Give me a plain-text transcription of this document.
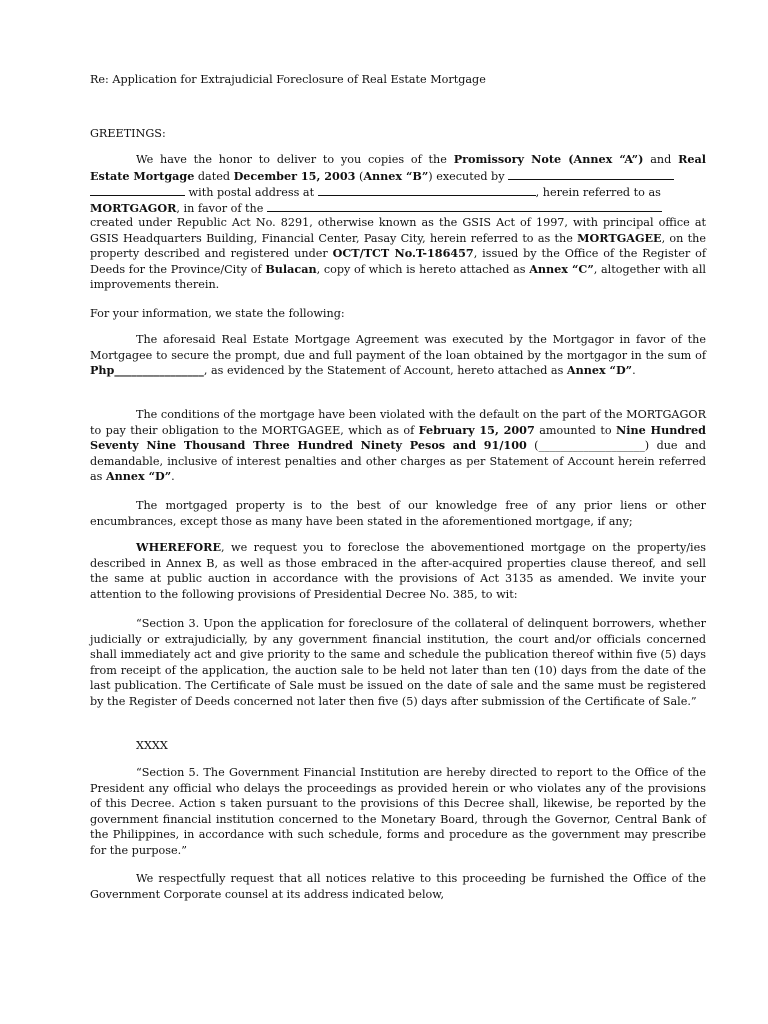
Re: Application for Extrajudicial Foreclosure of Real Estate Mortgage

GREETINGS:

We have the honor to deliver to you copies of the Promissory Note (Annex “A”) and Real
Estate Mortgage dated December 15, 2003 (Annex “B”) executed by
with postal address at	, herein referred to as
MORTGAGOR, in favor of the

created under Republic Act No. 8291, otherwise known as the GSIS Act of 1997, with principal office at GSIS Headquarters Building, Financial Center, Pasay City, herein referred to as the MORTGAGEE, on the property described and registered under OCT/TCT No.T-186457, issued by the Office of the Register of Deeds for the Province/City of Bulacan, copy of which is hereto attached as Annex “C”, altogether with all improvements therein.

For your information, we state the following:

The aforesaid Real Estate Mortgage Agreement was executed by the Mortgagor in favor of the Mortgagee to secure the prompt, due and full payment of the loan obtained by the mortgagor in the sum of Php________________, as evidenced by the Statement of Account, hereto attached as Annex “D”.

The conditions of the mortgage have been violated with the default on the part of the MORTGAGOR to pay their obligation to the MORTGAGEE, which as of February 15, 2007 amounted to Nine Hundred Seventy Nine Thousand Three Hundred Ninety Pesos and 91/100 (___________________) due and demandable, inclusive of interest penalties and other charges as per Statement of Account herein referred as Annex “D”.

The mortgaged property is to the best of our knowledge free of any prior liens or other encumbrances, except those as many have been stated in the aforementioned mortgage, if any;

WHEREFORE, we request you to foreclose the abovementioned mortgage on the property/ies described in Annex B, as well as those embraced in the after-acquired properties clause thereof, and sell the same at public auction in accordance with the provisions of Act 3135 as amended. We invite your attention to the following provisions of Presidential Decree No. 385, to wit:

“Section 3. Upon the application for foreclosure of the collateral of delinquent borrowers, whether judicially or extrajudicially, by any government financial institution, the court and/or officials concerned shall immediately act and give priority to the same and schedule the publication thereof within five (5) days from receipt of the application, the auction sale to be held not later than ten (10) days from the date of the last publication. The Certificate of Sale must be issued on the date of sale and the same must be registered by the Register of Deeds concerned not later then five (5) days after submission of the Certificate of Sale.”

XXXX

“Section 5. The Government Financial Institution are hereby directed to report to the Office of the President any official who delays the proceedings as provided herein or who violates any of the provisions of this Decree. Action s taken pursuant to the provisions of this Decree shall, likewise, be reported by the government financial institution concerned to the Monetary Board, through the Governor, Central Bank of the Philippines, in accordance with such schedule, forms and procedure as the government may prescribe for the purpose.”

We respectfully request that all notices relative to this proceeding be furnished the Office of the Government Corporate counsel at its address indicated below,
